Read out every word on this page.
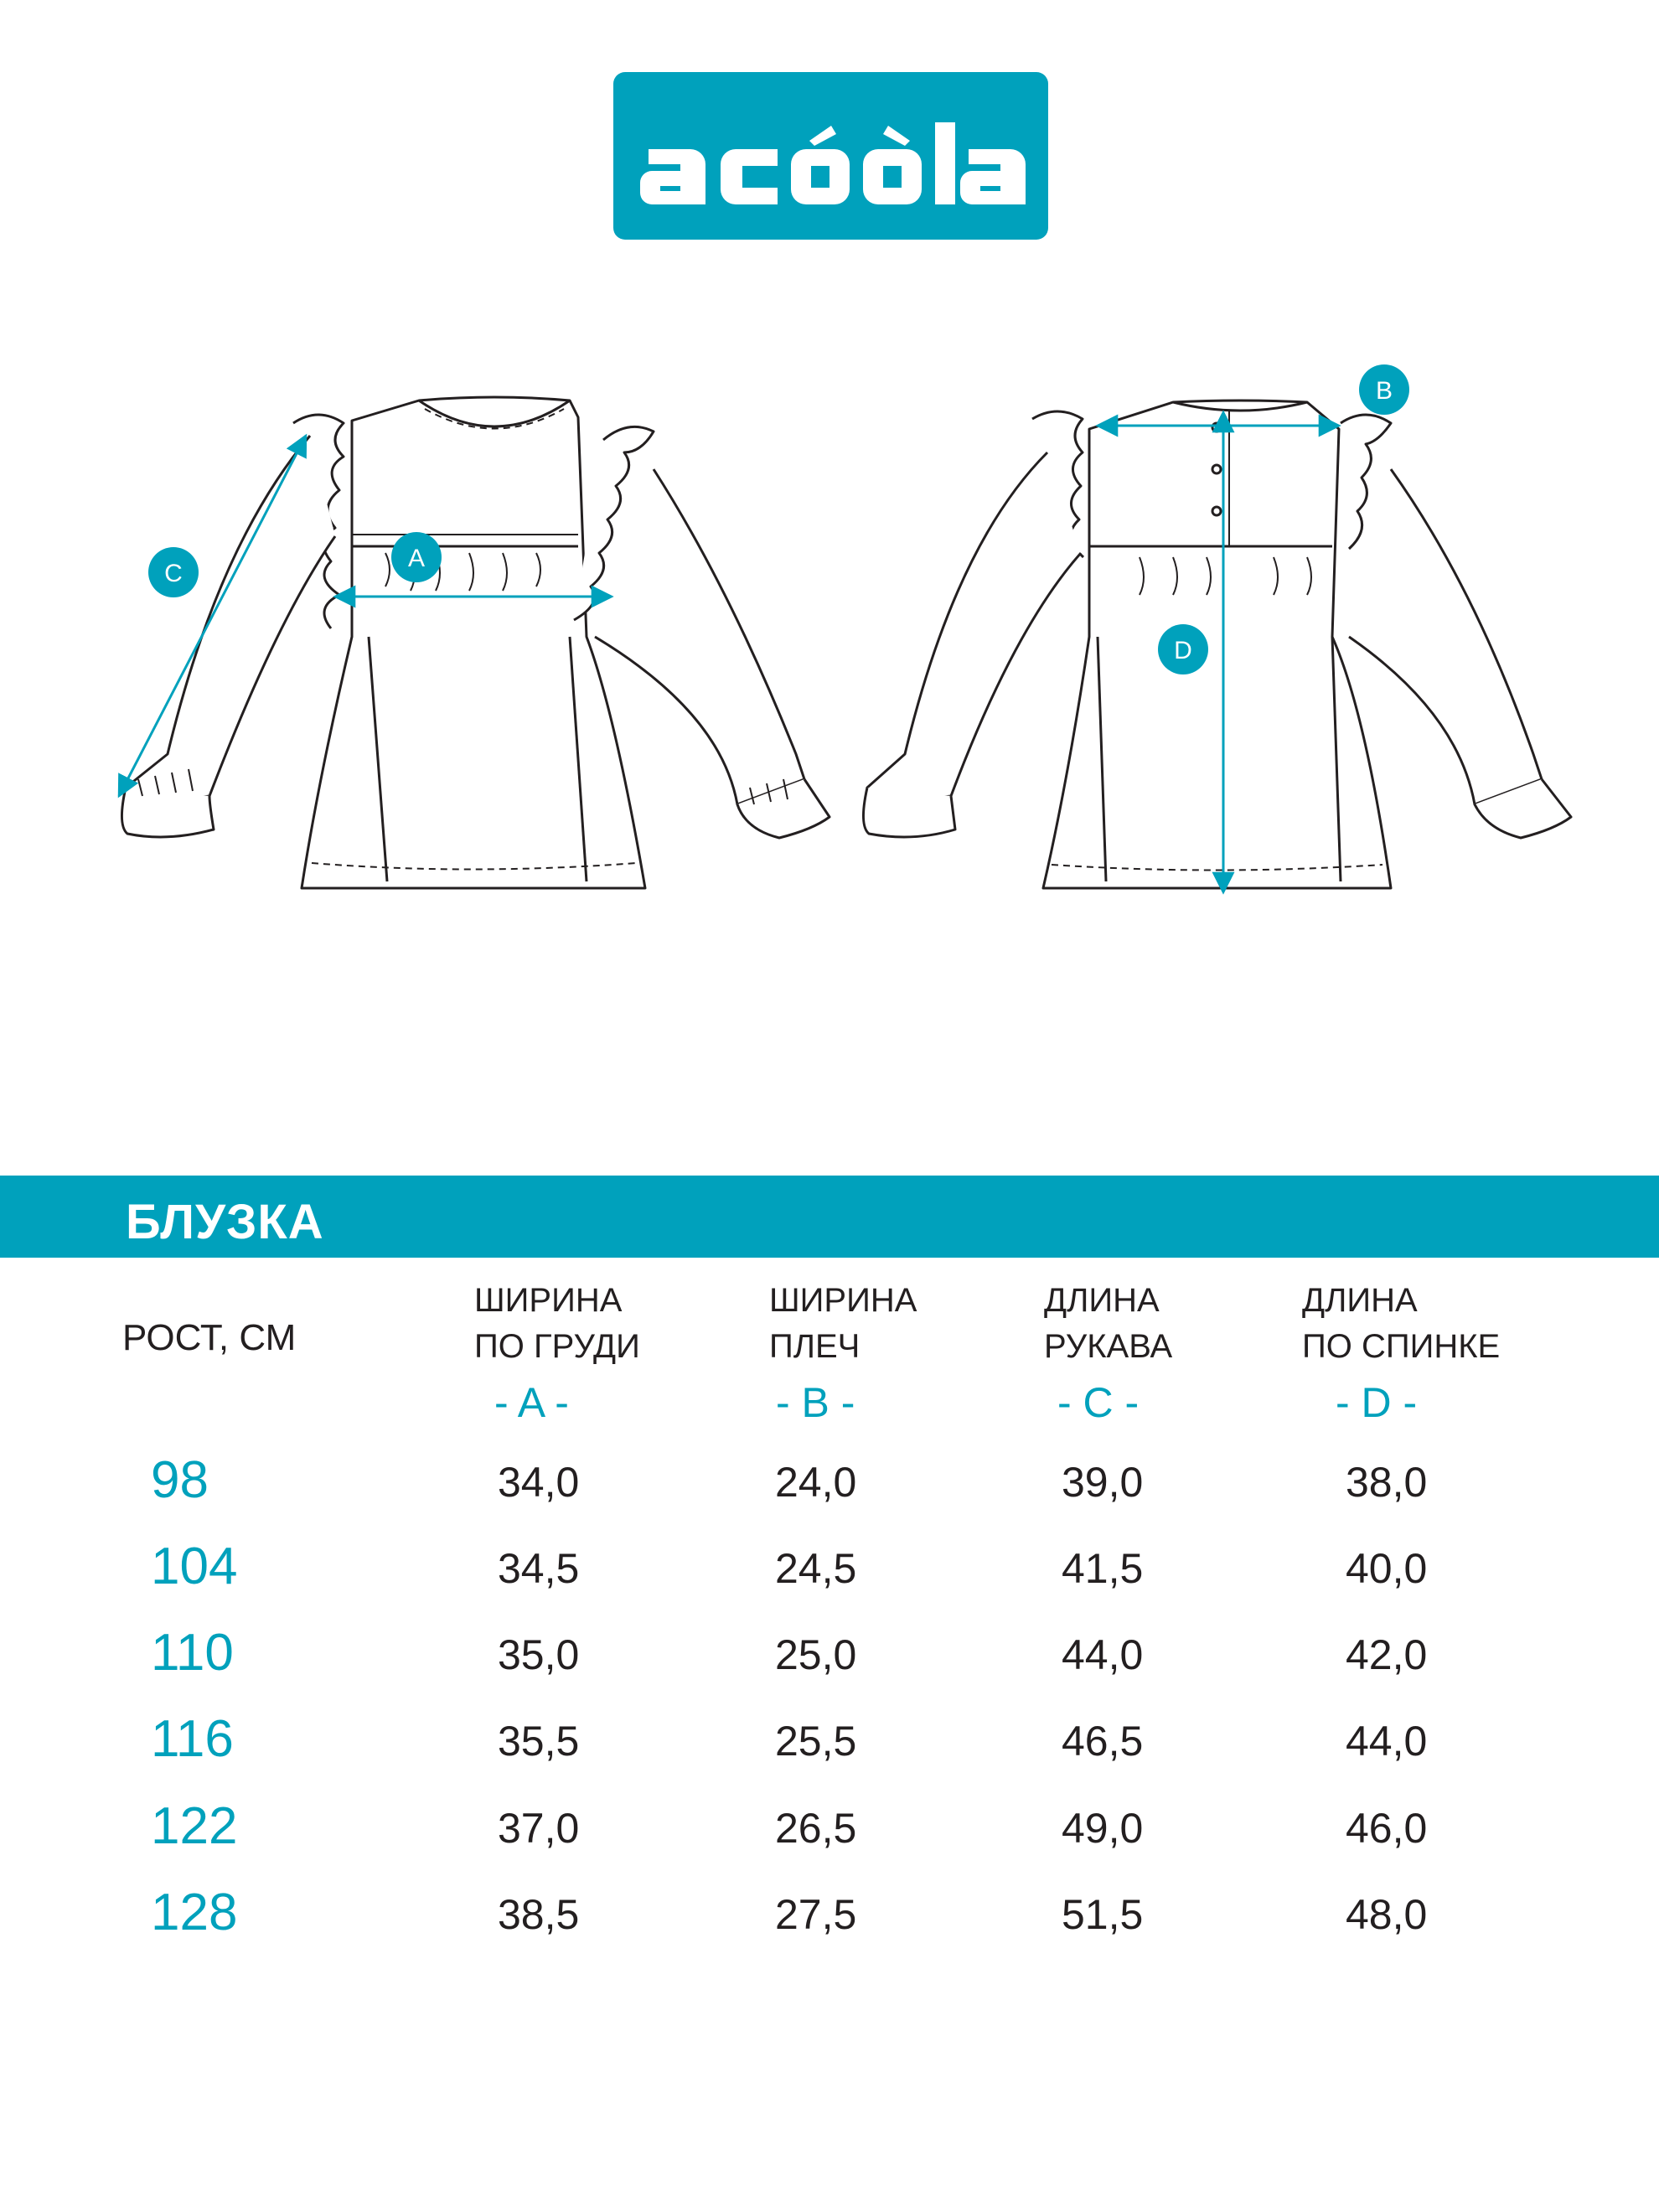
A
C
B
D
БЛУЗКА
РОСТ, СМ
ШИРИНА
ПО ГРУДИ
ШИРИНА
ПЛЕЧ
ДЛИНА
РУКАВА
ДЛИНА
ПО СПИНКЕ
- A -	- B -	- C -	- D -
98	34,0	24,0	39,0	38,0
104	34,5	24,5	41,5	40,0
110	35,0	25,0	44,0	42,0
116	35,5	25,5	46,5	44,0
122	37,0	26,5	49,0	46,0
128	38,5	27,5	51,5	48,0
